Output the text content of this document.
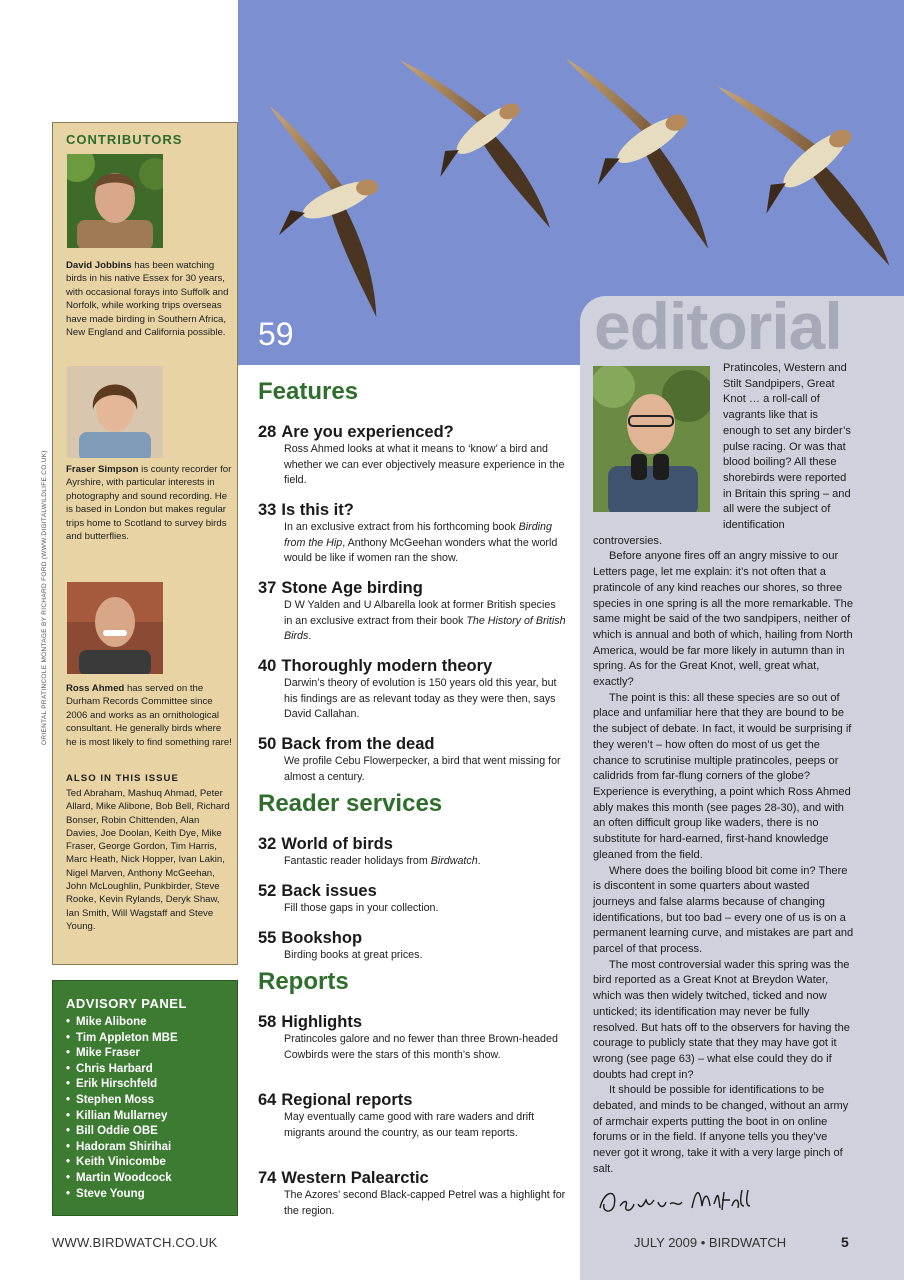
59	editorial

Pratincoles, Western and Stilt Sandpipers, Great Knot … a roll-call of vagrants like that is enough to set any birder’s pulse racing. Or was that blood boiling? All these shorebirds were reported in Britain this spring – and all were the subject of identification controversies.

Before anyone fires off an angry missive to our Letters page, let me explain: it’s not often that a pratincole of any kind reaches our shores, so three species in one spring is all the more remarkable. The same might be said of the two sandpipers, neither of which is annual and both of which, hailing from North America, would be far more likely in autumn than in spring. As for the Great Knot, well, great what, exactly?

The point is this: all these species are so out of place and unfamiliar here that they are bound to be the subject of debate. In fact, it would be surprising if they weren’t – how often do most of us get the chance to scrutinise multiple pratincoles, peeps or calidrids from far-flung corners of the globe? Experience is everything, a point which Ross Ahmed ably makes this month (see pages 28-30), and with an often difficult group like waders, there is no substitute for hard-earned, first-hand knowledge gleaned from the field.

Where does the boiling blood bit come in? There is discontent in some quarters about wasted journeys and false alarms because of changing identifications, but too bad – every one of us is on a permanent learning curve, and mistakes are part and parcel of that process.

The most controversial wader this spring was the bird reported as a Great Knot at Breydon Water, which was then widely twitched, ticked and now unticked; its identification may never be fully resolved. But hats off to the observers for having the courage to publicly state that they may have got it wrong (see page 63) – what else could they do if doubts had crept in?

It should be possible for identifications to be debated, and minds to be changed, without an army of armchair experts putting the boot in on online forums or in the field. If anyone tells you they’ve never got it wrong, take it with a very large pinch of salt.

CONTRIBUTORS
David Jobbins has been watching birds in his native Essex for 30 years, with occasional forays into Suffolk and Norfolk, while working trips overseas have made birding in Southern Africa, New England and California possible.
Fraser Simpson is county recorder for Ayrshire, with particular interests in photography and sound recording. He is based in London but makes regular trips home to Scotland to survey birds and butterflies.
Ross Ahmed has served on the Durham Records Committee since 2006 and works as an ornithological consultant. He generally birds where he is most likely to find something rare!
ALSO IN THIS ISSUE
Ted Abraham, Mashuq Ahmad, Peter Allard, Mike Alibone, Bob Bell, Richard Bonser, Robin Chittenden, Alan Davies, Joe Doolan, Keith Dye, Mike Fraser, George Gordon, Tim Harris, Marc Heath, Nick Hopper, Ivan Lakin, Nigel Marven, Anthony McGeehan, John McLoughlin, Punkbirder, Steve Rooke, Kevin Rylands, Deryk Shaw, Ian Smith, Will Wagstaff and Steve Young.
ORIENTAL PRATINCOLE MONTAGE BY RICHARD FORD (WWW.DIGITALWILDLIFE.CO.UK)
ADVISORY PANEL
• Mike Alibone
• Tim Appleton MBE
• Mike Fraser
• Chris Harbard
• Erik Hirschfeld
• Stephen Moss
• Killian Mullarney
• Bill Oddie OBE
• Hadoram Shirihai
• Keith Vinicombe
• Martin Woodcock
• Steve Young
Features
28 Are you experienced?

Ross Ahmed looks at what it means to ‘know’ a bird and whether we can ever objectively measure experience in the field.

33 Is this it?

In an exclusive extract from his forthcoming book Birding from the Hip, Anthony McGeehan wonders what the world would be like if women ran the show.

37 Stone Age birding

D W Yalden and U Albarella look at former British species in an exclusive extract from their book The History of British Birds.

40 Thoroughly modern theory

Darwin’s theory of evolution is 150 years old this year, but his findings are as relevant today as they were then, says David Callahan.

50 Back from the dead

We profile Cebu Flowerpecker, a bird that went missing for almost a century.

Reader services
32 World of birds

Fantastic reader holidays from Birdwatch.

52 Back issues

Fill those gaps in your collection.

55 Bookshop

Birding books at great prices.

Reports
58 Highlights

Pratincoles galore and no fewer than three Brown-headed Cowbirds were the stars of this month’s show.

64 Regional reports

May eventually came good with rare waders and drift migrants around the country, as our team reports.

74 Western Palearctic

The Azores’ second Black-capped Petrel was a highlight for the region.

WWW.BIRDWATCH.CO.UK	JULY 2009 • BIRDWATCH	5
